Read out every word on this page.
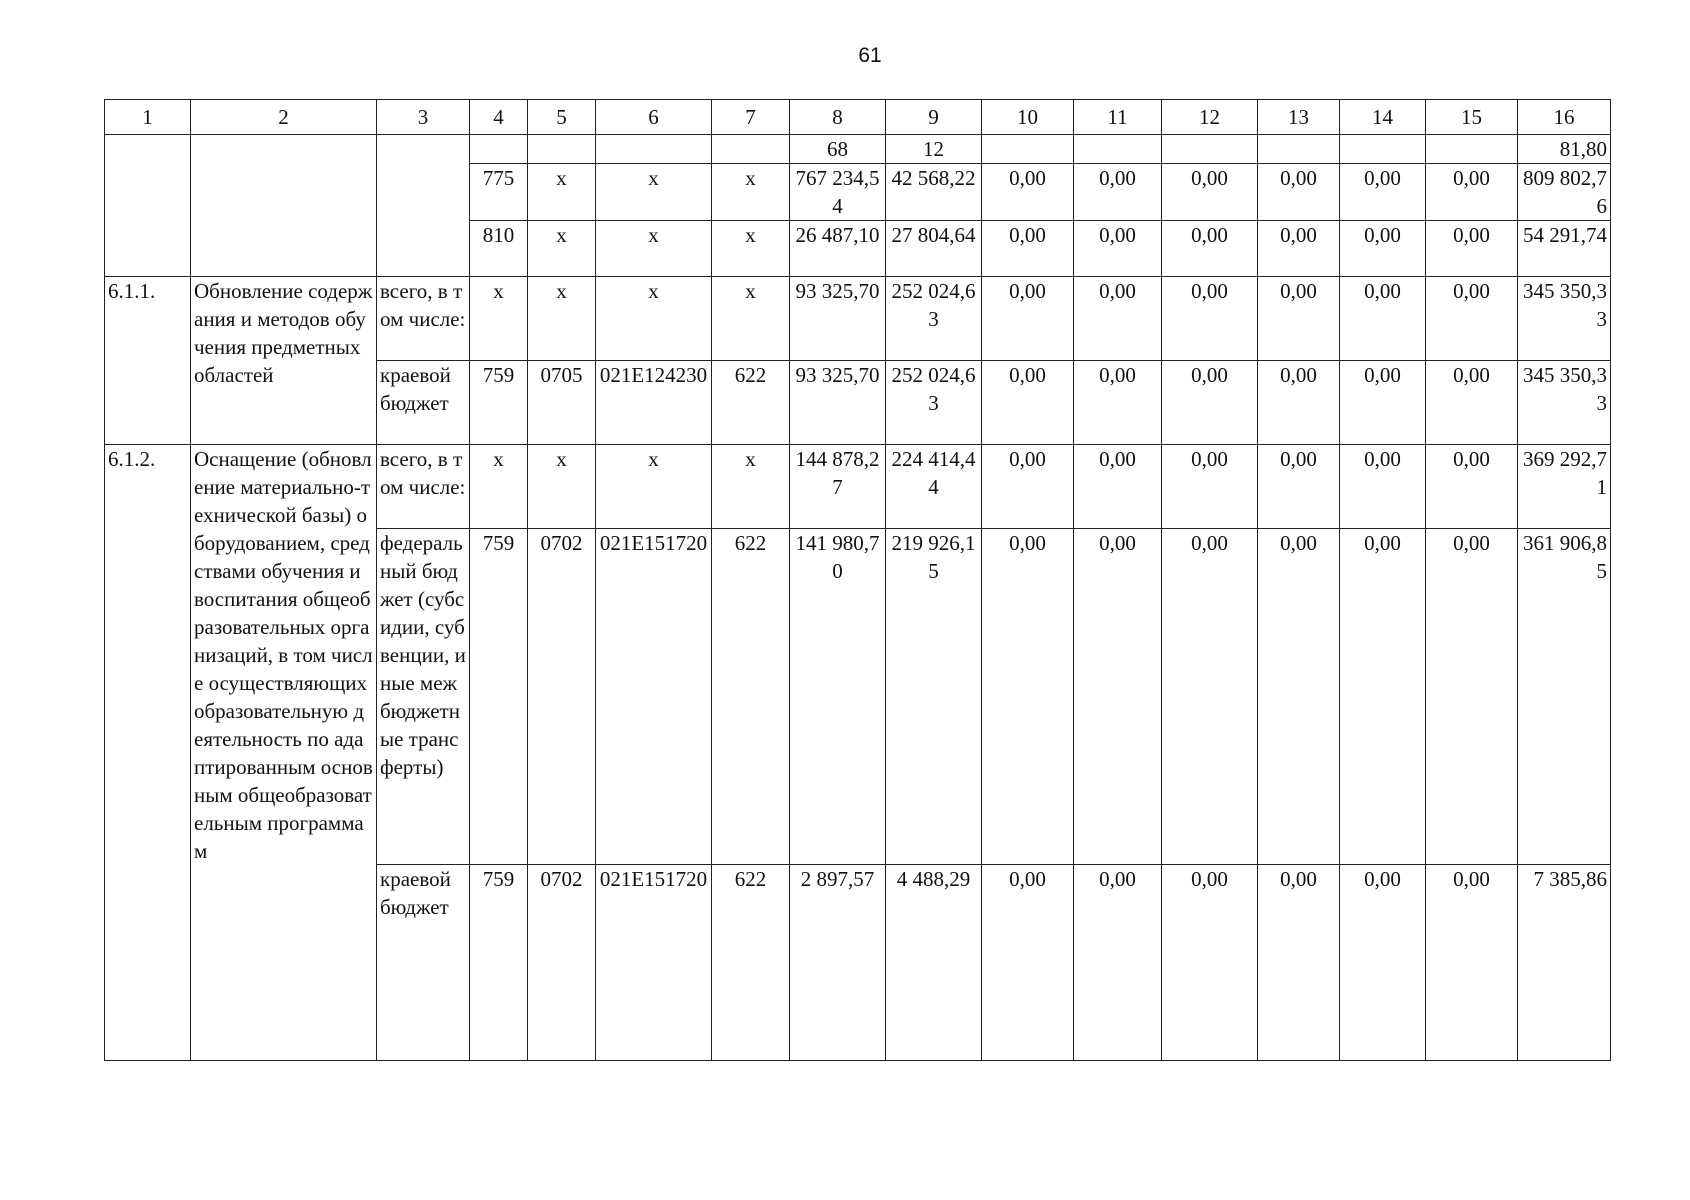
61
1	2	3	4	5	6	7	8	9	10	11	12	13	14	15	16
							68	12							81,80
			775	х	х	х	767 234,54	42 568,22	0,00	0,00	0,00	0,00	0,00	0,00	809 802,76
			810	х	х	х	26 487,10	27 804,64	0,00	0,00	0,00	0,00	0,00	0,00	54 291,74
6.1.1.	Обновление содержания и методов обучения предметных областей	всего, в том числе:	х	х	х	х	93 325,70	252 024,63	0,00	0,00	0,00	0,00	0,00	0,00	345 350,33
		краевой бюджет	759	0705	021E124230	622	93 325,70	252 024,63	0,00	0,00	0,00	0,00	0,00	0,00	345 350,33
6.1.2.	Оснащение (обновление материально-технической базы) оборудованием, средствами обучения и воспитания общеобразовательных организаций, в том числе осуществляющих образовательную деятельность по адаптированным основным общеобразовательным программам	всего, в том числе:	х	х	х	х	144 878,27	224 414,44	0,00	0,00	0,00	0,00	0,00	0,00	369 292,71
		федеральный бюджет (субсидии, субвенции, иные межбюджетные трансферты)	759	0702	021E151720	622	141 980,70	219 926,15	0,00	0,00	0,00	0,00	0,00	0,00	361 906,85
		краевой бюджет	759	0702	021E151720	622	2 897,57	4 488,29	0,00	0,00	0,00	0,00	0,00	0,00	7 385,86
